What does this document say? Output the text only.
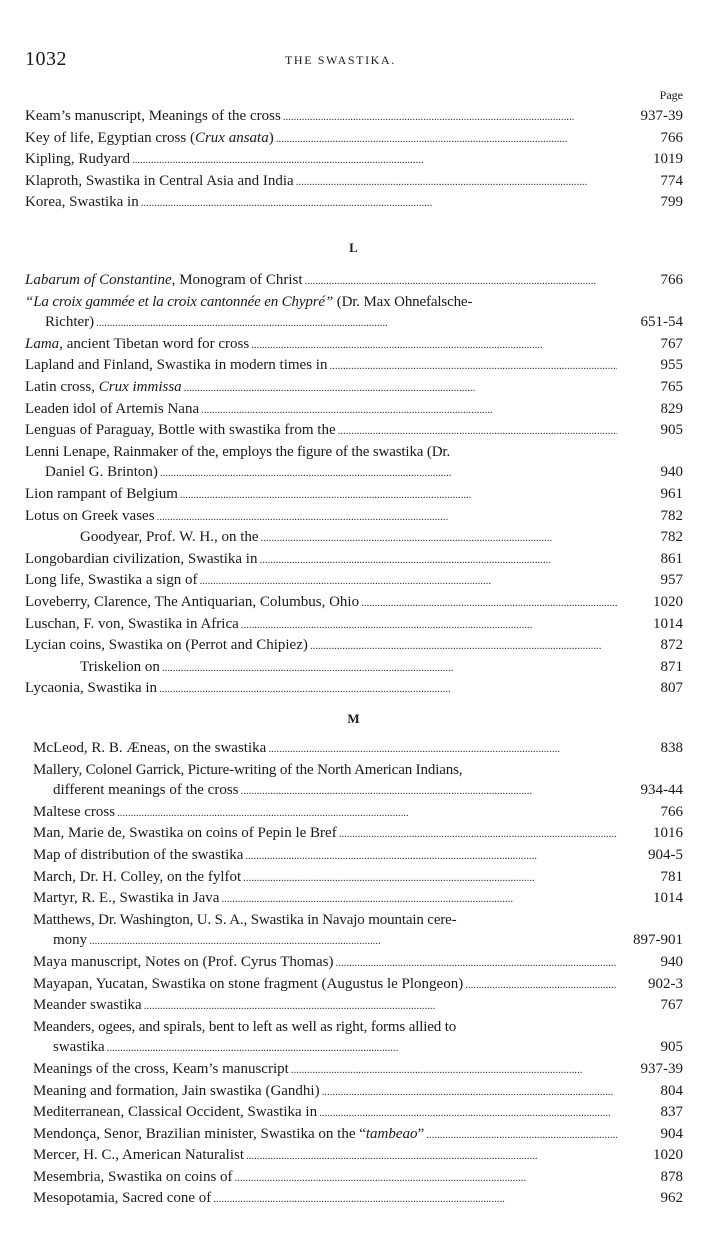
1032	THE SWASTIKA.
Page
Keam’s manuscript, Meanings of the cross . . .	937-39
Key of life, Egyptian cross (Crux ansata) . . .	766
Kipling, Rudyard . . .	1019
Klaproth, Swastika in Central Asia and India . . .	774
Korea, Swastika in . . .	799
L
Labarum of Constantine, Monogram of Christ . . .	766
“La croix gammée et la croix cantonnée en Chypré” (Dr. Max Ohnefalsche-
Richter) . . .	651-54
Lama, ancient Tibetan word for cross . . .	767
Lapland and Finland, Swastika in modern times in . . .	955
Latin cross, Crux immissa . . .	765
Leaden idol of Artemis Nana . . .	829
Lenguas of Paraguay, Bottle with swastika from the . . .	905
Lenni Lenape, Rainmaker of the, employs the figure of the swastika (Dr.
Daniel G. Brinton) . . .	940
Lion rampant of Belgium . . .	961
Lotus on Greek vases . . .	782
Goodyear, Prof. W. H., on the . . .	782
Longobardian civilization, Swastika in . . .	861
Long life, Swastika a sign of . . .	957
Loveberry, Clarence, The Antiquarian, Columbus, Ohio . . .	1020
Luschan, F. von, Swastika in Africa . . .	1014
Lycian coins, Swastika on (Perrot and Chipiez) . . .	872
Triskelion on . . .	871
Lycaonia, Swastika in . . .	807
M
McLeod, R. B. Æneas, on the swastika . . .	838
Mallery, Colonel Garrick, Picture-writing of the North American Indians,
different meanings of the cross . . .	934-44
Maltese cross . . .	766
Man, Marie de, Swastika on coins of Pepin le Bref . . .	1016
Map of distribution of the swastika . . .	904-5
March, Dr. H. Colley, on the fylfot . . .	781
Martyr, R. E., Swastika in Java . . .	1014
Matthews, Dr. Washington, U. S. A., Swastika in Navajo mountain cere-
mony . . .	897-901
Maya manuscript, Notes on (Prof. Cyrus Thomas) . . .	940
Mayapan, Yucatan, Swastika on stone fragment (Augustus le Plongeon) . . .	902-3
Meander swastika . . .	767
Meanders, ogees, and spirals, bent to left as well as right, forms allied to
swastika . . .	905
Meanings of the cross, Keam’s manuscript . . .	937-39
Meaning and formation, Jain swastika (Gandhi) . . .	804
Mediterranean, Classical Occident, Swastika in . . .	837
Mendonça, Senor, Brazilian minister, Swastika on the “tambeao” . . .	904
Mercer, H. C., American Naturalist . . .	1020
Mesembria, Swastika on coins of . . .	878
Mesopotamia, Sacred cone of . . .	962
